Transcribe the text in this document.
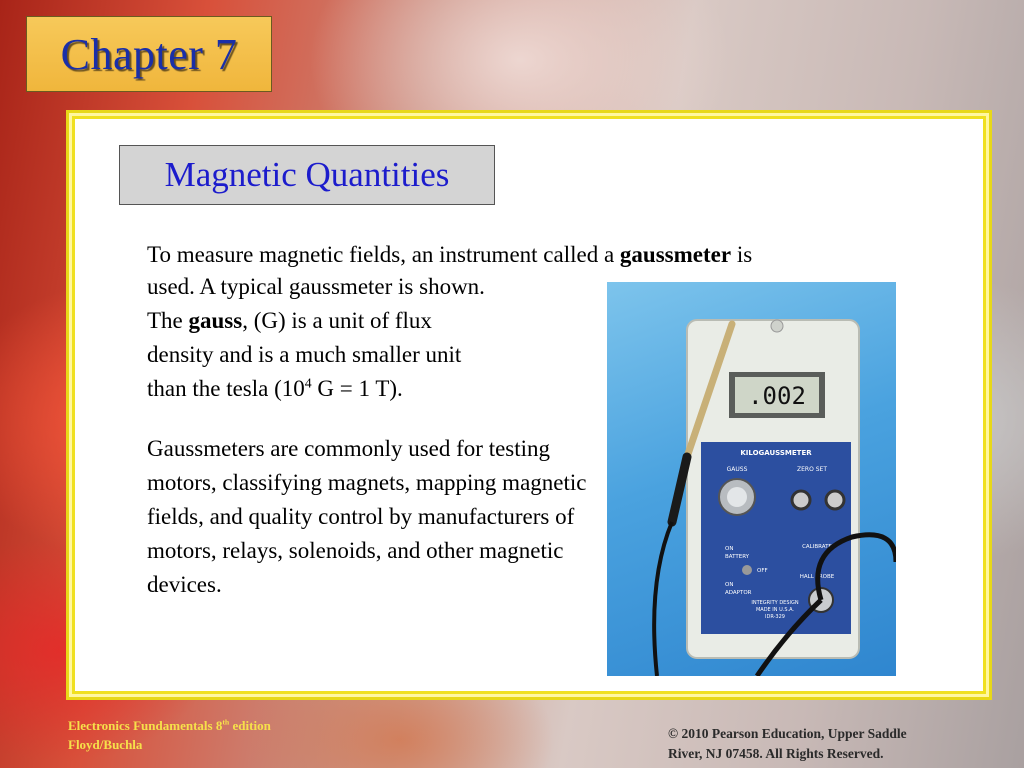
Chapter 7
Magnetic Quantities
To measure magnetic fields, an instrument called a gaussmeter is
used. A typical gaussmeter is shown.
The gauss, (G) is a unit of flux
density and is a much smaller unit
than the tesla ($10^4$ G = 1 T).
Gaussmeters are commonly used for testing motors, classifying magnets, mapping magnetic fields, and quality control by manufacturers of motors, relays, solenoids, and other magnetic devices.
.002
KILOGAUSSMETER
GAUSS	ZERO SET
ON
BATTERY
OFF
ON
ADAPTOR
CALIBRATE
HALL PROBE
INTEGRITY DESIGN
MADE IN U.S.A.
IDR-329
Electronics Fundamentals 8th edition
Floyd/Buchla
© 2010 Pearson Education, Upper Saddle
River, NJ 07458. All Rights Reserved.
